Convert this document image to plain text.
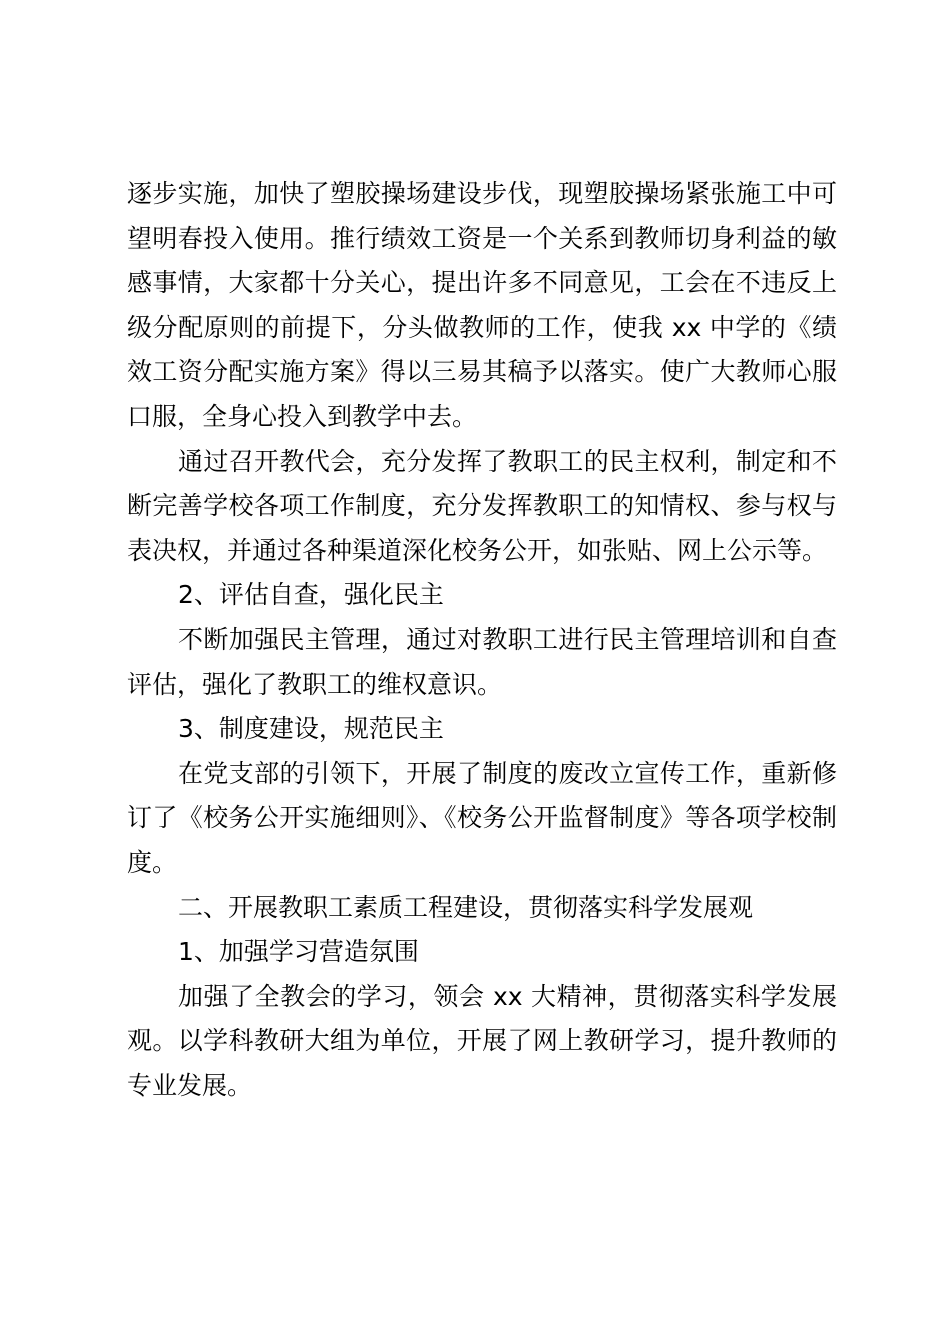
逐步实施，加快了塑胶操场建设步伐，现塑胶操场紧张施工中可望明春投入使用。推行绩效工资是一个关系到教师切身利益的敏感事情，大家都十分关心，提出许多不同意见，工会在不违反上级分配原则的前提下，分头做教师的工作，使我 xx 中学的《绩效工资分配实施方案》得以三易其稿予以落实。使广大教师心服口服，全身心投入到教学中去。

通过召开教代会，充分发挥了教职工的民主权利，制定和不断完善学校各项工作制度，充分发挥教职工的知情权、参与权与表决权，并通过各种渠道深化校务公开，如张贴、网上公示等。

2、评估自查，强化民主

不断加强民主管理，通过对教职工进行民主管理培训和自查评估，强化了教职工的维权意识。

3、制度建设，规范民主

在党支部的引领下，开展了制度的废改立宣传工作，重新修订了《校务公开实施细则》、《校务公开监督制度》等各项学校制度。

二、开展教职工素质工程建设，贯彻落实科学发展观

1、加强学习营造氛围

加强了全教会的学习，领会 xx 大精神，贯彻落实科学发展观。以学科教研大组为单位，开展了网上教研学习，提升教师的专业发展。
